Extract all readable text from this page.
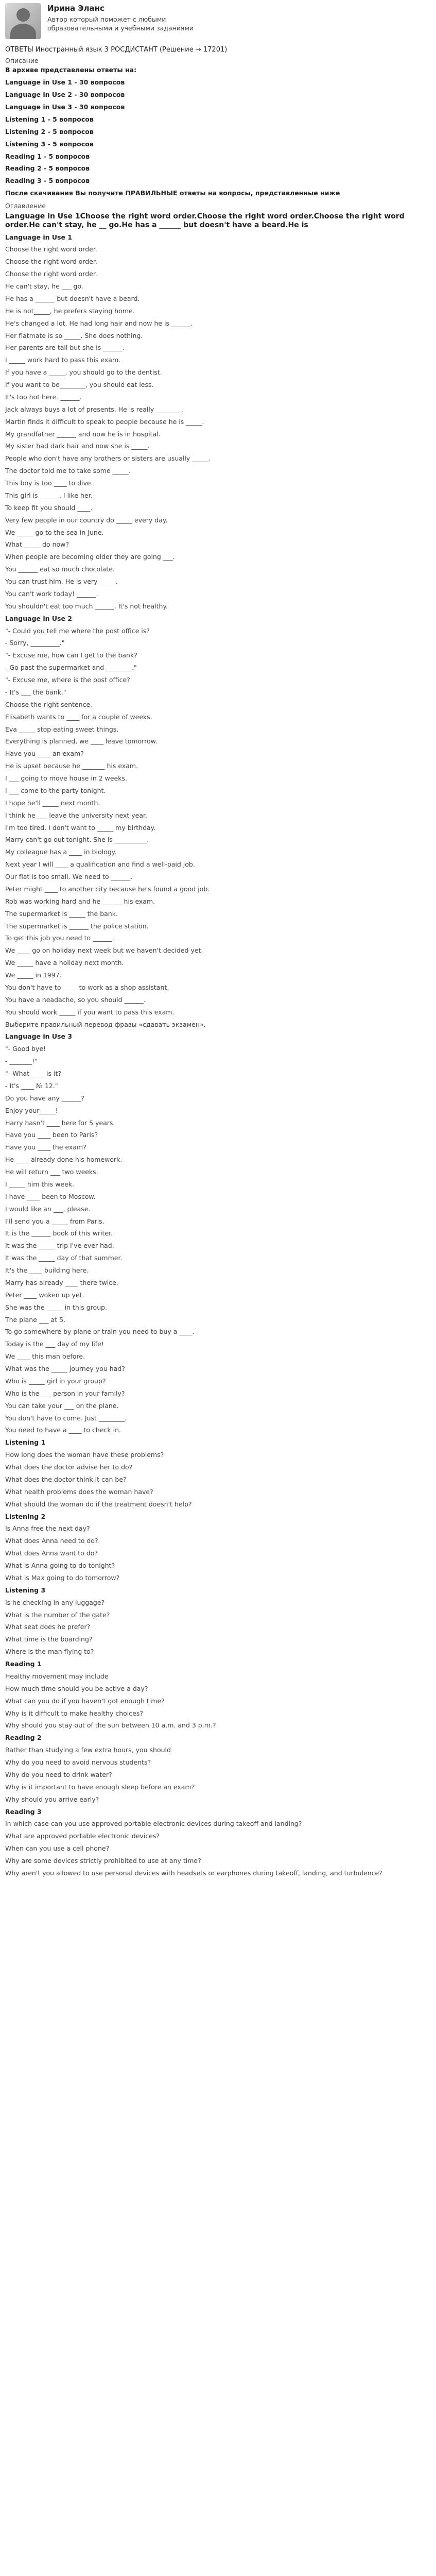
Ирина Эланс
Автор который поможет с любыми образовательными и учебными заданиями
ОТВЕТЫ Иностранный язык 3 РОСДИСТАНТ (Решение → 17201)
Описание
В архиве представлены ответы на:
Language in Use 1 - 30 вопросов
Language in Use 2 - 30 вопросов
Language in Use 3 - 30 вопросов
Listening 1 - 5 вопросов
Listening 2 - 5 вопросов
Listening 3 - 5 вопросов
Reading 1 - 5 вопросов
Reading 2 - 5 вопросов
Reading 3 - 5 вопросов
После скачивания Вы получите ПРАВИЛЬНЫЕ ответы на вопросы, представленные ниже
Оглавление
Language in Use 1Choose the right word order.Choose the right word order.Choose the right word order.He can't stay, he __ go.He has a ______ but doesn't have a beard.He is
Language in Use 1
Choose the right word order.
Choose the right word order.
Choose the right word order.
He can't stay, he ___ go.
He has a ______ but doesn't have a beard.
He is not_____, he prefers staying home.
He's changed a lot. He had long hair and now he is ______.
Her flatmate is so _____. She does nothing.
Her parents are tall but she is ______.
I _____ work hard to pass this exam.
If you have a _____, you should go to the dentist.
If you want to be________, you should eat less.
It's too hot here. ______.
Jack always buys a lot of presents. He is really ________.
Martin finds it difficult to speak to people because he is _____.
My grandfather ______ and now he is in hospital.
My sister had dark hair and now she is _____.
People who don't have any brothers or sisters are usually _____.
The doctor told me to take some _____.
This boy is too ____ to dive.
This girl is ______. I like her.
To keep fit you should ____.
Very few people in our country do _____ every day.
We _____ go to the sea in June.
What _____ do now?
When people are becoming older they are going ___.
You ______ eat so much chocolate.
You can trust him. He is very _____.
You can't work today! ______.
You shouldn't eat too much ______. It's not healthy.
Language in Use 2
"- Could you tell me where the post office is?
- Sorry, _________."
"- Excuse me, how can I get to the bank?
- Go past the supermarket and ________."
"- Excuse me, where is the post office?
- It's ___ the bank."
Choose the right sentence.
Elisabeth wants to ____ for a couple of weeks.
Eva _____ stop eating sweet things.
Everything is planned, we ____ leave tomorrow.
Have you ____ an exam?
He is upset because he _______ his exam.
I ___ going to move house in 2 weeks.
I ___ come to the party tonight.
I hope he'll _____ next month.
I think he ___ leave the university next year.
I'm too tired. I don't want to _____ my birthday.
Marry can't go out tonight. She is __________.
My colleague has a ____ in biology.
Next year I will ____ a qualification and find a well-paid job.
Our flat is too small. We need to ______.
Peter might ____ to another city because he's found a good job.
Rob was working hard and he ______ his exam.
The supermarket is _____ the bank.
The supermarket is ______ the police station.
To get this job you need to ______.
We ____ go on holiday next week but we haven't decided yet.
We _____ have a holiday next month.
We _____ in 1997.
You don't have to_____ to work as a shop assistant.
You have a headache, so you should ______.
You should work _____ if you want to pass this exam.
Выберите правильный перевод фразы «сдавать экзамен».
Language in Use 3
"- Good bye!
- _______!"
"- What ____ is it?
- It's ____ № 12."
Do you have any ______?
Enjoy your_____!
Harry hasn't ____ here for 5 years.
Have you ____ been to Paris?
Have you ____ the exam?
He ____ already done his homework.
He will return ___ two weeks.
I _____ him this week.
I have ____ been to Moscow.
I would like an ___, please.
I'll send you a _____ from Paris.
It is the ______ book of this writer.
It was the _____ trip I've ever had.
It was the _____ day of that summer.
It's the ____ building here.
Marry has already ____ there twice.
Peter ____ woken up yet.
She was the _____ in this group.
The plane ___ at 5.
To go somewhere by plane or train you need to buy a ____.
Today is the ___ day of my life!
We ____ this man before.
What was the _____ journey you had?
Who is _____ girl in your group?
Who is the ___ person in your family?
You can take your ___ on the plane.
You don't have to come. Just ________.
You need to have a ____ to check in.
Listening 1
How long does the woman have these problems?
What does the doctor advise her to do?
What does the doctor think it can be?
What health problems does the woman have?
What should the woman do if the treatment doesn't help?
Listening 2
Is Anna free the next day?
What does Anna need to do?
What does Anna want to do?
What is Anna going to do tonight?
What is Max going to do tomorrow?
Listening 3
Is he checking in any luggage?
What is the number of the gate?
What seat does he prefer?
What time is the boarding?
Where is the man flying to?
Reading 1
Healthy movement may include
How much time should you be active a day?
What can you do if you haven't got enough time?
Why is it difficult to make healthy choices?
Why should you stay out of the sun between 10 a.m. and 3 p.m.?
Reading 2
Rather than studying a few extra hours, you should
Why do you need to avoid nervous students?
Why do you need to drink water?
Why is it important to have enough sleep before an exam?
Why should you arrive early?
Reading 3
In which case can you use approved portable electronic devices during takeoff and landing?
What are approved portable electronic devices?
When can you use a cell phone?
Why are some devices strictly prohibited to use at any time?
Why aren't you allowed to use personal devices with headsets or earphones during takeoff, landing, and turbulence?
